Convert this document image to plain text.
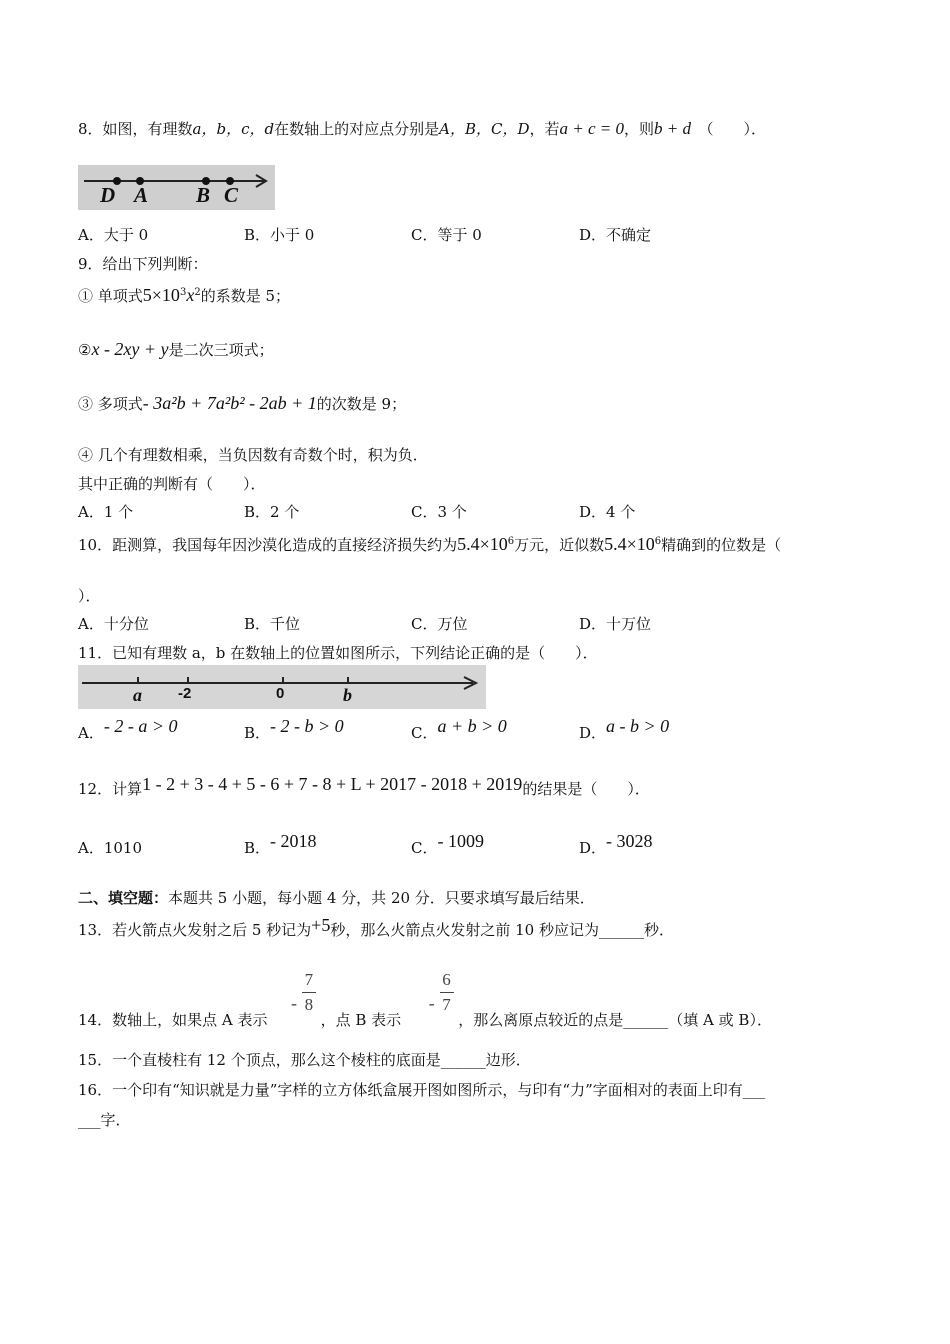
8．如图，有理数a，b，c，d在数轴上的对应点分别是A，B，C，D，若a + c = 0，则b + d　 （　　）．
D A B C
A．大于 0	B．小于 0	C．等于 0	D．不确定
9．给出下列判断：
① 单项式$5\times 10^3x^2$的系数是 5；
②x - 2xy + y是二次三项式；
③ 多项式- 3a²b + 7a²b² - 2ab + 1的次数是 9；
④ 几个有理数相乘，当负因数有奇数个时，积为负．
其中正确的判断有（　　）．
A．1 个	B．2 个	C．3 个	D．4 个
10．距测算，我国每年因沙漠化造成的直接经济损失约为$5.4\times 10^6$万元，近似数$5.4\times 10^6$精确到的位数是（
）．
A．十分位	B．千位	C．万位	D．十万位
11．已知有理数 a，b 在数轴上的位置如图所示，下列结论正确的是（　　）．
a -2	0	b
A．- 2 - a > 0	B．- 2 - b > 0	C．a + b > 0	D．a - b > 0
12．计算1 - 2 + 3 - 4 + 5 - 6 + 7 - 8 + L + 2017 - 2018 + 2019的结果是（　　）．
A．1010	B．- 2018	C．- 1009	D．- 3028
二、填空题：本题共 5 小题，每小题 4 分，共 20 分．只要求填写最后结果．
13．若火箭点火发射之后 5 秒记为+5秒，那么火箭点火发射之前 10 秒应记为______秒．
14．数轴上，如果点 A 表示  - $\frac{7}{8}$
，点 B 表示  - $\frac{6}{7}$
，那么离原点较近的点是______（填 A 或 B）．
15．一个直棱柱有 12 个顶点，那么这个棱柱的底面是______边形．
16．一个印有“知识就是力量”字样的立方体纸盒展开图如图所示，与印有“力”字面相对的表面上印有___
___字．
